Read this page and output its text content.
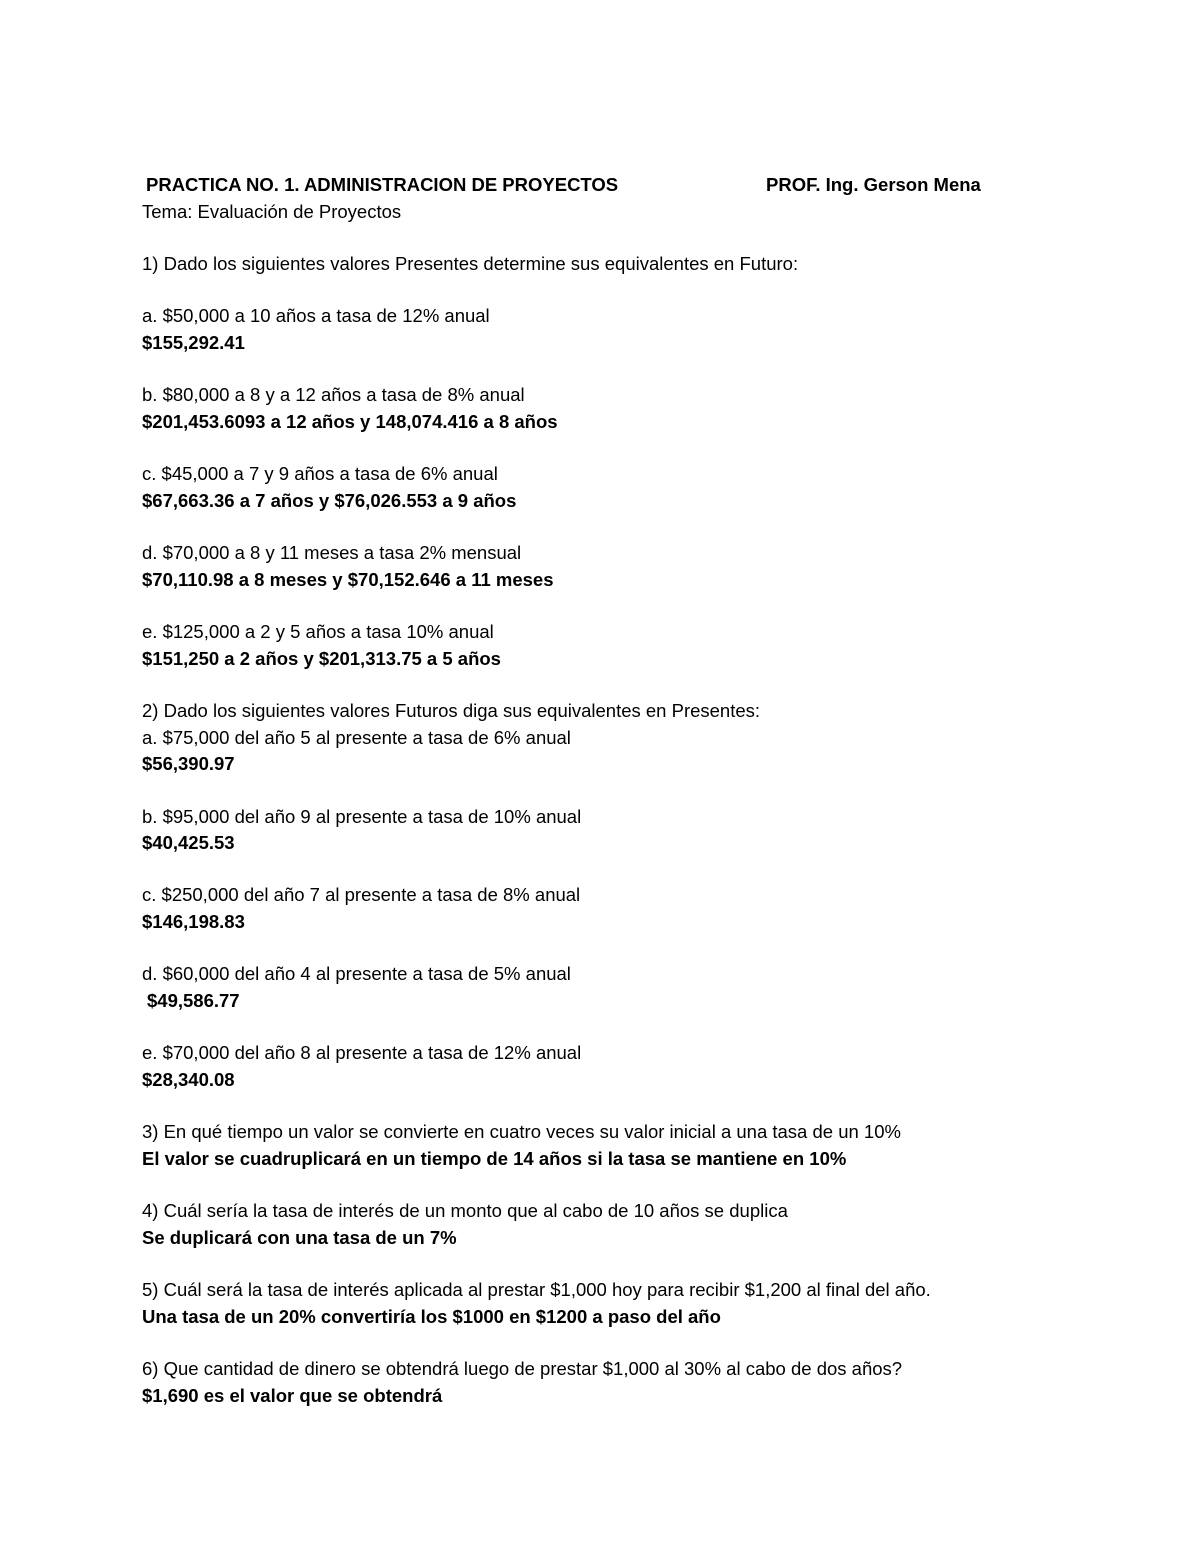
PRACTICA NO. 1. ADMINISTRACION DE PROYECTOS	PROF. Ing. Gerson Mena
Tema: Evaluación de Proyectos
1) Dado los siguientes valores Presentes determine sus equivalentes en Futuro:
a. $50,000 a 10 años a tasa de 12% anual
$155,292.41
b. $80,000 a 8 y a 12 años a tasa de 8% anual
$201,453.6093 a 12 años y 148,074.416 a 8 años
c. $45,000 a 7 y 9 años a tasa de 6% anual
$67,663.36 a 7 años y $76,026.553 a 9 años
d. $70,000 a 8 y 11 meses a tasa 2% mensual
$70,110.98 a 8 meses y $70,152.646 a 11 meses
e. $125,000 a 2 y 5 años a tasa 10% anual
$151,250 a 2 años y $201,313.75 a 5 años
2) Dado los siguientes valores Futuros diga sus equivalentes en Presentes:
a. $75,000 del año 5 al presente a tasa de 6% anual
$56,390.97
b. $95,000 del año 9 al presente a tasa de 10% anual
$40,425.53
c. $250,000 del año 7 al presente a tasa de 8% anual
$146,198.83
d. $60,000 del año 4 al presente a tasa de 5% anual
$49,586.77
e. $70,000 del año 8 al presente a tasa de 12% anual
$28,340.08
3) En qué tiempo un valor se convierte en cuatro veces su valor inicial a una tasa de un 10%
El valor se cuadruplicará en un tiempo de 14 años si la tasa se mantiene en 10%
4) Cuál sería la tasa de interés de un monto que al cabo de 10 años se duplica
Se duplicará con una tasa de un 7%
5) Cuál será la tasa de interés aplicada al prestar $1,000 hoy para recibir $1,200 al final del año.
Una tasa de un 20% convertiría los $1000 en $1200 a paso del año
6) Que cantidad de dinero se obtendrá luego de prestar $1,000 al 30% al cabo de dos años?
$1,690 es el valor que se obtendrá
